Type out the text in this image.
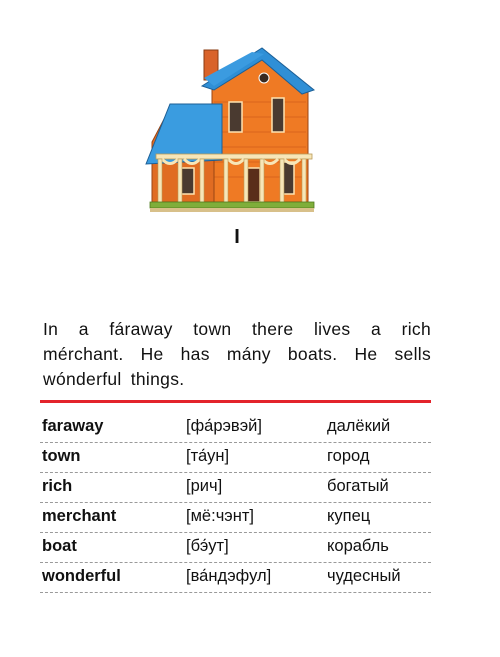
I

In a fáraway town there lives a rich mérchant. He has mány boats. He sells wónderful things.

faraway	[фа́рэвэй]	далёкий
town	[та́ун]	город
rich	[рич]	богатый
merchant	[мё:чэнт]	купец
boat	[бэ́ут]	корабль
wonderful	[ва́ндэфул]	чудесный
